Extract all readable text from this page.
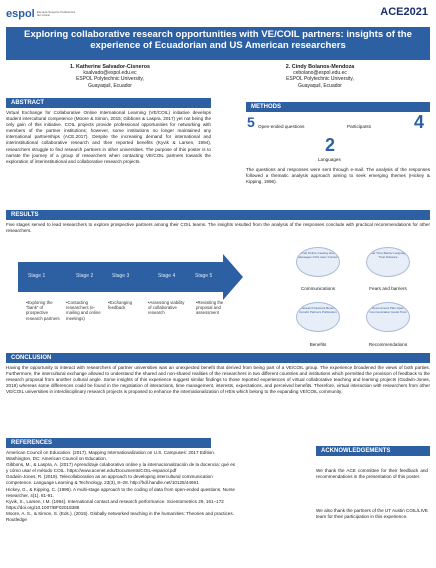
espol Escuela Superior Politécnica del Litoral	ACE2021
Exploring collaborative research opportunities with VE/COIL partners: insights of the experience of Ecuadorian and US American researchers
1. Katherine Salvador-Cisneros
ksalvado@espol.edu.ec
ESPOL Polytechnic University,
Guayaquil, Ecuador
2. Cindy Bolanos-Mendoza
cebolano@espol.edu.ec
ESPOL Polytechnic University,
Guayaquil, Ecuador
ABSTRACT
Virtual Exchange for Collaborative Online International Learning (VE/COIL) initiative develops student intercultural competence (Moore & Simon, 2015; Gibbons & Laspra, 2017) yet not being the only gain of this initiative. COIL projects provide professional opportunities for networking with members of the partner institutions; however, some institutions no longer maintained any international partnerships (ACE,2017). Despite the increasing demand for international and interinstitutional collaborative research and their reported benefits (Kyvik & Larsen, 1994), researchers struggle to find research partners in other universities. The purpose of this poster is to narrate the journey of a group of researchers when contacting VE/COIL partners towards the exploration of interinstitutional and collaborative research projects.
METHODS
5 Open-ended questions	Participants 4
2
Languages
The questions and responses were sent through e-mail. The analysis of the responses followed a thematic analysis approach aiming to seek emerging themes (Hickey & Kipping, 1996).
RESULTS
Five stages served to lead researchers to explore prospective partners among their COIL teams. The insights resulted from the analysis of the responses conclude with practical recommendations for other researchers.
Stage 1	Stage 2	Stage 3	Stage 4	Stage 5
•Exploring the "bank" of prospective research partners
•Contacting researchers (e-mailing and online meetings)
•Exchanging feedback
•Assessing viability of collaborative research
•Revisiting the proposal and assessment
Email Online meeting Zoom Messages COIL team Contact
Communications
Fear Time Barrier Language Trust Distance
Fears and barriers
Research Network Benefit Growth Partners Publication
Benefits
Recommend Plan Open Communication Goals Trust
Recommendations
CONCLUSION
Having the opportunity to interact with researchers of partner universities was an unexpected benefit that derived from being part of a VE/COIL group. The experience broadened the views of both parties. Furthermore, the intercultural exchange allowed to understand the shared and non-shared realities of the researchers in two different countries and institutions which permitted the provision of feedback to the research proposal from another cultural angle. Some insights of this experience suggest similar findings to those reported experiences of virtual collaborative teaching and learning projects (Godwin-Jones, 2019) whereas some differences could be found in the negotiation of interactions, time management, interests, expectations, and perceived benefits. Therefore, virtual interaction with researchers from other VE/COIL universities in interdisciplinary research projects is proposed to enhance the internationalization of HEIs which belong to the expanding VE/COIL community.
REFERENCES
American Council on Education. (2017). Mapping Internationalization on U.S. Campuses: 2017 Edition. Washington, DC: American Council on Education.
Gibbons, M., & Laspra, A. (2017) Aprendizaje colaborativo online y la internacionalización de la docencia: qué es y cómo usar el método COIL. https://www.acenet.edu/Documents/COIL-espanol.pdf
Godwin-Jones, R. (2019). Telecollaboration as an approach to developing intercultural communication competence. Language Learning & Technology, 23(3), 8–28. http://hdl.handle.net/10125/44691
Hickey, G., & Kipping, C. (1996). A multi-stage approach to the coding of data from open-ended questions. Nurse researcher, 4(1), 81-91.
Kyvik, S., Larsen, I.M. (1994). International contact and research performance. Scientometrics 29, 161–172 https://doi.org/10.1007/BF02018388
Moore, A. S., & Simon, S. (Eds.). (2015). Globally networked teaching in the humanities: Theories and practices. Routledge
ACKNOWLEDGEMENTS
We thank the ACE committee for their feedback and recommendations in the presentation of this poster.
We also thank the partners of the UT Austin COIL/LIVE team for their participation in this experience.
